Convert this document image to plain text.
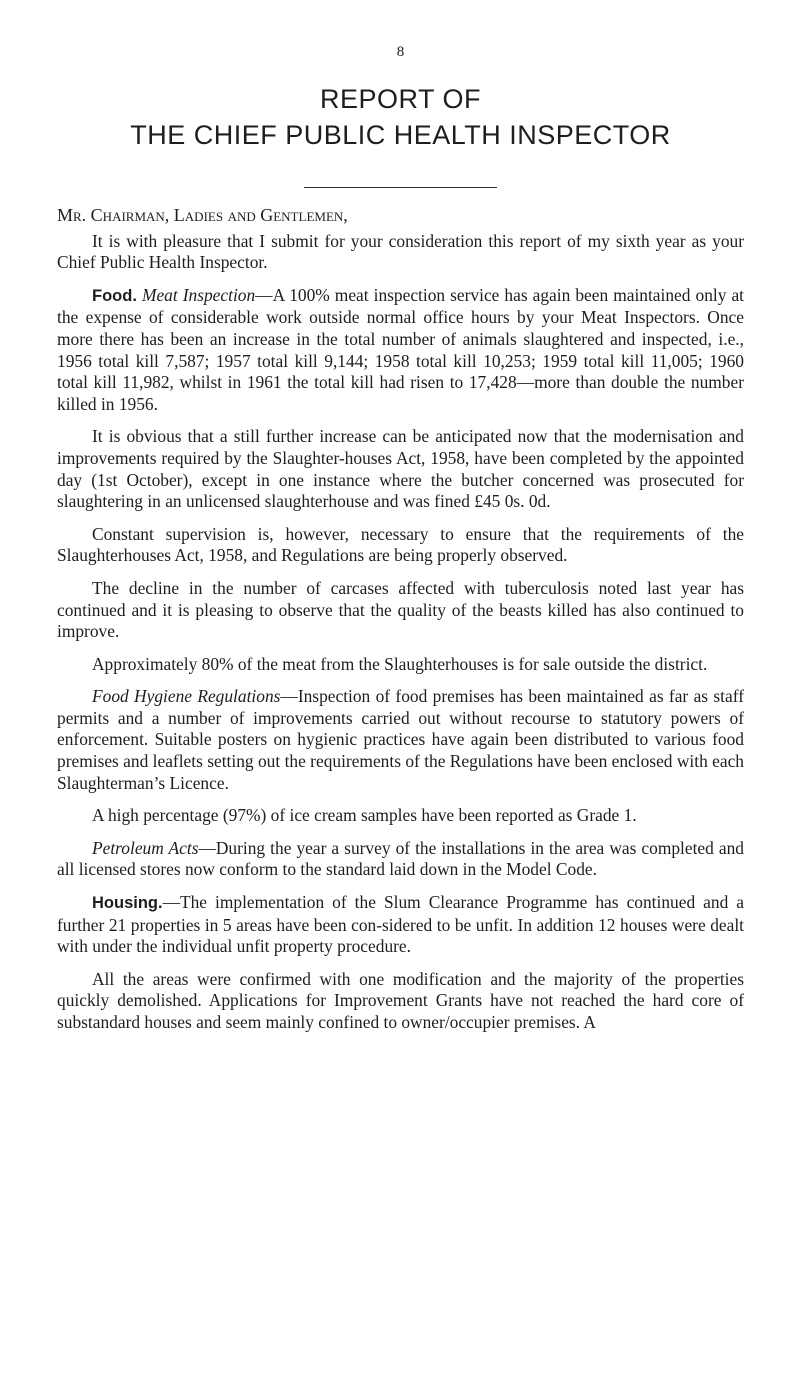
8
REPORT OF
THE CHIEF PUBLIC HEALTH INSPECTOR

Mr. Chairman, Ladies and Gentlemen,

It is with pleasure that I submit for your consideration this report of my sixth year as your Chief Public Health Inspector.

Food. Meat Inspection—A 100% meat inspection service has again been maintained only at the expense of considerable work outside normal office hours by your Meat Inspectors. Once more there has been an increase in the total number of animals slaughtered and inspected, i.e., 1956 total kill 7,587; 1957 total kill 9,144; 1958 total kill 10,253; 1959 total kill 11,005; 1960 total kill 11,982, whilst in 1961 the total kill had risen to 17,428—more than double the number killed in 1956.

It is obvious that a still further increase can be anticipated now that the modernisation and improvements required by the Slaughter-houses Act, 1958, have been completed by the appointed day (1st October), except in one instance where the butcher concerned was prosecuted for slaughtering in an unlicensed slaughterhouse and was fined £45 0s. 0d.

Constant supervision is, however, necessary to ensure that the requirements of the Slaughterhouses Act, 1958, and Regulations are being properly observed.

The decline in the number of carcases affected with tuberculosis noted last year has continued and it is pleasing to observe that the quality of the beasts killed has also continued to improve.

Approximately 80% of the meat from the Slaughterhouses is for sale outside the district.

Food Hygiene Regulations—Inspection of food premises has been maintained as far as staff permits and a number of improvements carried out without recourse to statutory powers of enforcement. Suitable posters on hygienic practices have again been distributed to various food premises and leaflets setting out the requirements of the Regulations have been enclosed with each Slaughterman’s Licence.

A high percentage (97%) of ice cream samples have been reported as Grade 1.

Petroleum Acts—During the year a survey of the installations in the area was completed and all licensed stores now conform to the standard laid down in the Model Code.

Housing.—The implementation of the Slum Clearance Programme has continued and a further 21 properties in 5 areas have been con-sidered to be unfit. In addition 12 houses were dealt with under the individual unfit property procedure.

All the areas were confirmed with one modification and the majority of the properties quickly demolished. Applications for Improvement Grants have not reached the hard core of substandard houses and seem mainly confined to owner/occupier premises. A
